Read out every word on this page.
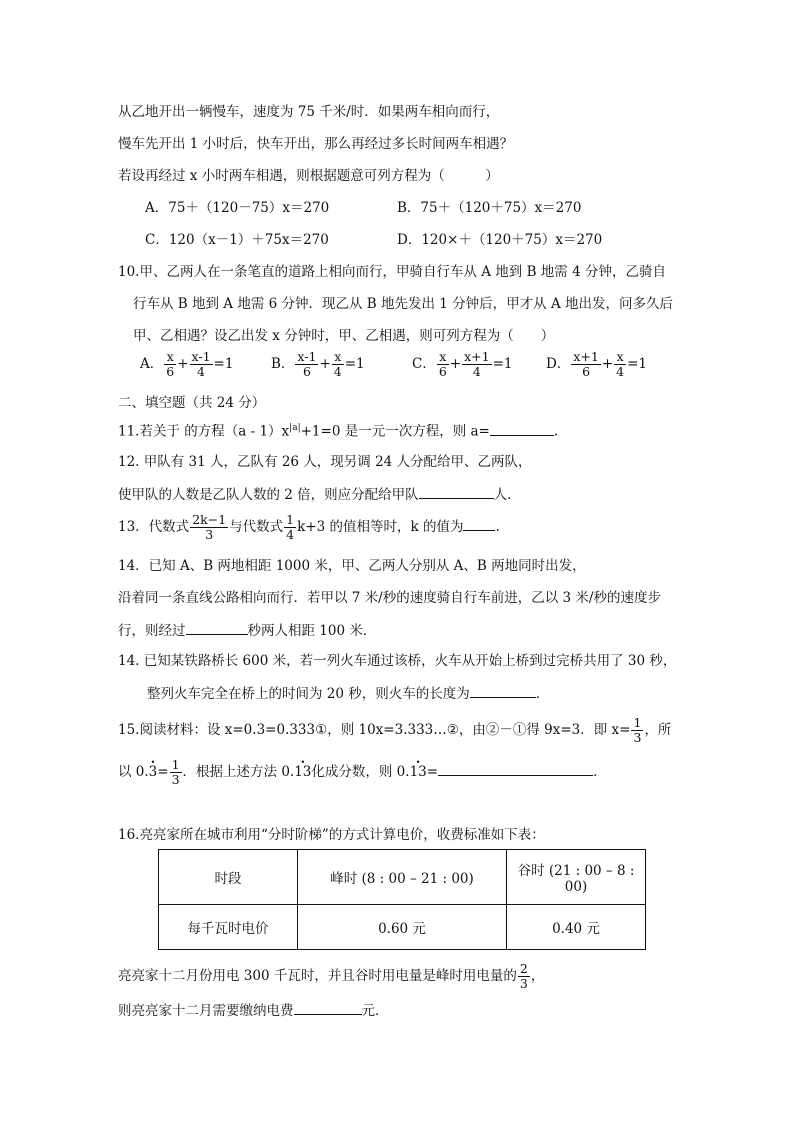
从乙地开出一辆慢车，速度为 75 千米/时．如果两车相向而行，
慢车先开出 1 小时后，快车开出，那么再经过多长时间两车相遇？
若设再经过 x 小时两车相遇，则根据题意可列方程为（　　　）
A．75＋（120－75）x＝270	B．75＋（120＋75）x＝270
C．120（x－1）＋75x＝270	D．120×＋（120＋75）x＝270
10.甲、乙两人在一条笔直的道路上相向而行，甲骑自行车从 A 地到 B 地需 4 分钟，乙骑自
行车从 B 地到 A 地需 6 分钟．现乙从 B 地先发出 1 分钟后，甲才从 A 地出发，问多久后
甲、乙相遇？设乙出发 x 分钟时，甲、乙相遇，则可列方程为（　　）
A． $\frac{x}{6} + \frac{x-1}{4} =1$	B． $\frac{x-1}{6} + \frac{x}{4} =1$	C． $\frac{x}{6} + \frac{x+1}{4} =1$ D． $\frac{x+1}{6} + \frac{x}{4} =1$
二、填空题（共 24 分）
11.若关于 的方程$(a - 1)x^{|a|}+1=0$ 是一元一次方程，则 a=	.
12. 甲队有 31 人，乙队有 26 人，现另调 24 人分配给甲、乙两队，
使甲队的人数是乙队人数的 2 倍，则应分配给甲队	人.
13．代数式 $\frac{2k-1}{3}$ 与代数式 $\frac{1}{4} k+3$ 的值相等时，k 的值为 .
14．已知 A、B 两地相距 1000 米，甲、乙两人分别从 A、B 两地同时出发，
沿着同一条直线公路相向而行．若甲以 7 米/秒的速度骑自行车前进，乙以 3 米/秒的速度步
行，则经过	秒两人相距 100 米．
14. 已知某铁路桥长 600 米，若一列火车通过该桥，火车从开始上桥到过完桥共用了 30 秒，
整列火车完全在桥上的时间为 20 秒，则火车的长度为	．
15.阅读材料：设 x=0.3=0.333①，则 10x=3.333…②，由②－①得 9x=3．即 $x= \frac{1}{3}$ ，所
以 0.• $3= \frac{1}{3}$ ．根据上述方法 0.• 13化成分数，则 0.• 13=	．
16.亮亮家所在城市利用“分时阶梯”的方式计算电价，收费标准如下表：
时段	峰时 (8 : 00 – 21 : 00)	谷时 (21 : 00 – 8 : 00)
每千瓦时电价	0.60 元	0.40 元
亮亮家十二月份用电 300 千瓦时，并且谷时用电量是峰时用电量的 $\frac{2}{3}$ ，
则亮亮家十二月需要缴纳电费	元．
